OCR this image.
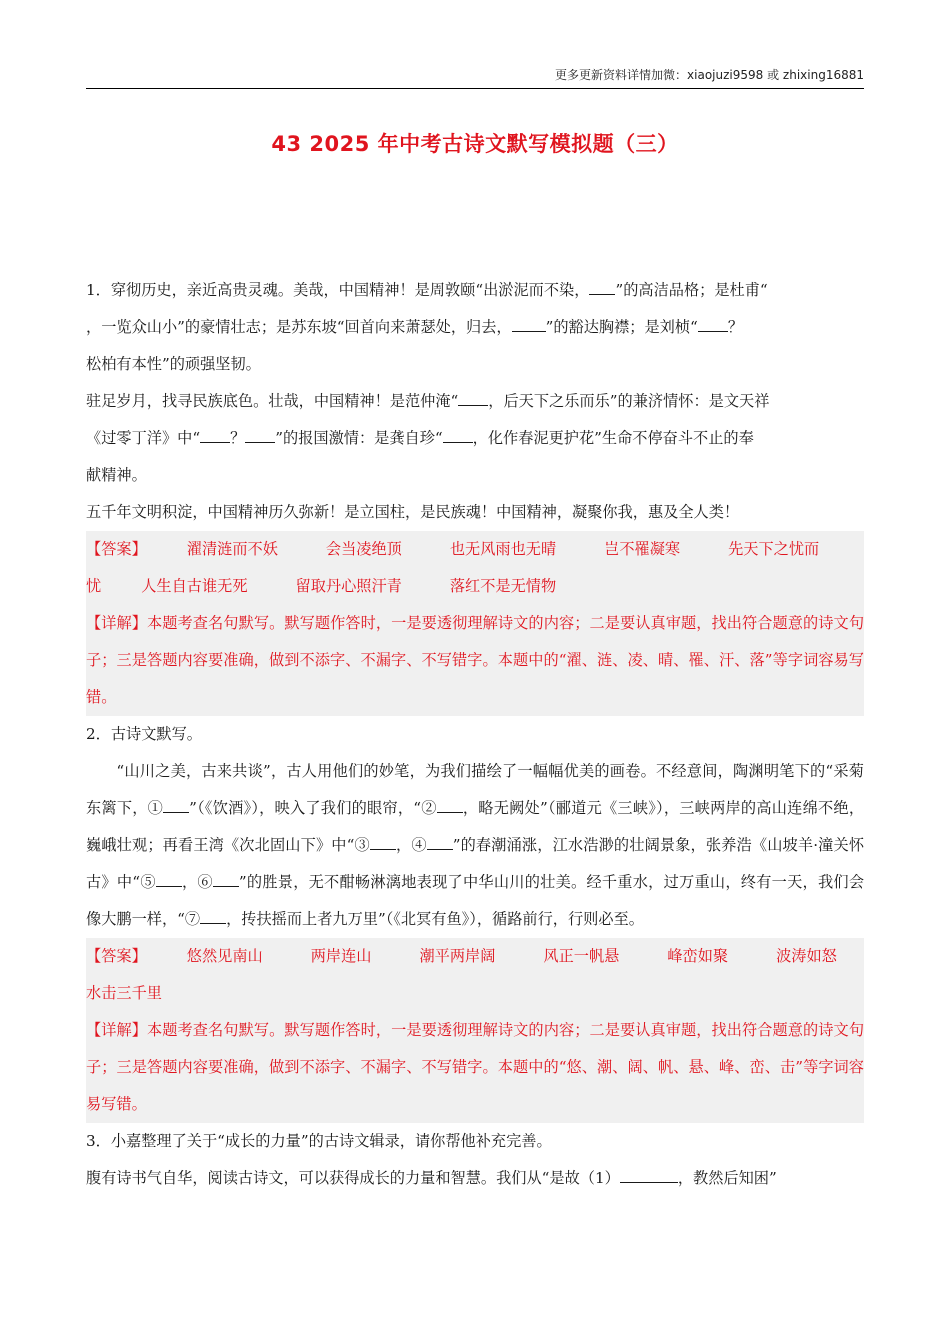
更多更新资料详情加微：xiaojuzi9598 或 zhixing16881
43 2025 年中考古诗文默写模拟题（三）

1．穿彻历史，亲近高贵灵魂。美哉，中国精神！是周敦颐“出淤泥而不染， ”的高洁品格；是杜甫“
，一览众山小”的豪情壮志；是苏东坡“回首向来萧瑟处，归去， ”的豁达胸襟；是刘桢“ ？
松柏有本性”的顽强坚韧。

驻足岁月，找寻民族底色。壮哉，中国精神！是范仲淹“ ，后天下之乐而乐”的兼济情怀：是文天祥
《过零丁洋》中“ ？ ”的报国激情：是龚自珍“ ，化作春泥更护花”生命不停奋斗不止的奉
献精神。

五千年文明积淀，中国精神历久弥新！是立国柱，是民族魂！中国精神，凝聚你我，惠及全人类！

【答案】	濯清涟而不妖	会当凌绝顶	也无风雨也无晴	岂不罹凝寒	先天下之忧而

忧	人生自古谁无死	留取丹心照汗青	落红不是无情物

【详解】本题考查名句默写。默写题作答时，一是要透彻理解诗文的内容；二是要认真审题，找出符合题意的诗文句子；三是答题内容要准确，做到不添字、不漏字、不写错字。本题中的“濯、涟、凌、晴、罹、汗、落”等字词容易写错。

2．古诗文默写。

“山川之美，古来共谈”，古人用他们的妙笔，为我们描绘了一幅幅优美的画卷。不经意间，陶渊明笔下的“采菊东篱下，① ”（《饮酒》），映入了我们的眼帘，“② ，略无阙处”（郦道元《三峡》），三峡两岸的高山连绵不绝，巍峨壮观；再看王湾《次北固山下》中“③ ，④ ”的春潮涌涨，江水浩渺的壮阔景象，张养浩《山坡羊·潼关怀古》中“⑤ ，⑥ ”的胜景，无不酣畅淋漓地表现了中华山川的壮美。经千重水，过万重山，终有一天，我们会像大鹏一样，“⑦ ，抟扶摇而上者九万里”（《北冥有鱼》），循路前行，行则必至。

【答案】	悠然见南山	两岸连山	潮平两岸阔	风正一帆悬	峰峦如聚	波涛如怒

水击三千里

【详解】本题考查名句默写。默写题作答时，一是要透彻理解诗文的内容；二是要认真审题，找出符合题意的诗文句子；三是答题内容要准确，做到不添字、不漏字、不写错字。本题中的“悠、潮、阔、帆、悬、峰、峦、击”等字词容易写错。

3．小嘉整理了关于“成长的力量”的古诗文辑录，请你帮他补充完善。

腹有诗书气自华，阅读古诗文，可以获得成长的力量和智慧。我们从“是故（1）	，教然后知困”
